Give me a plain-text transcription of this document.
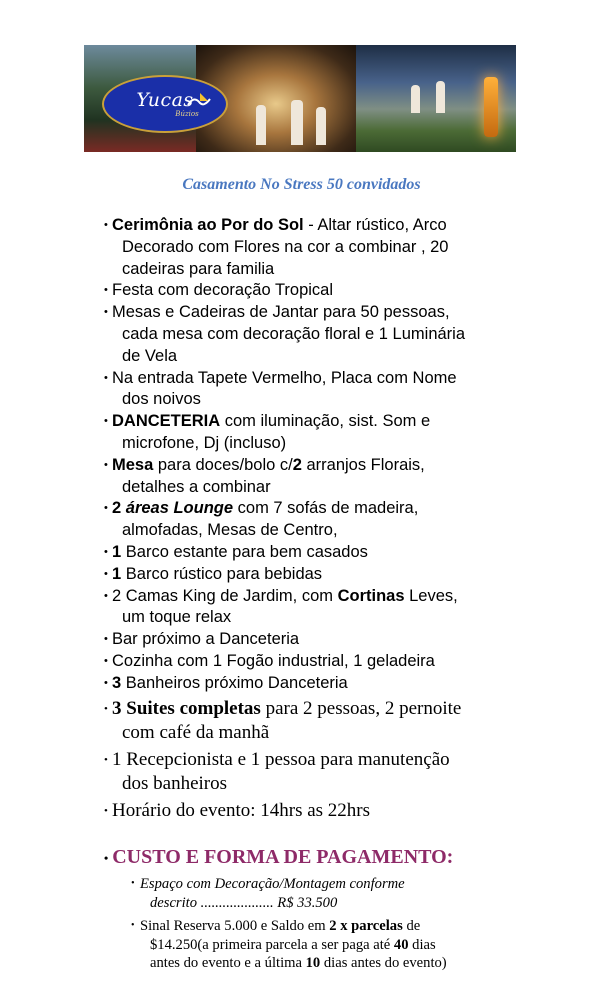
Yucas
Búzios
Casamento No Stress 50 convidados
• Cerimônia ao Por do Sol - Altar rústico, Arco
Decorado com Flores na cor a combinar , 20
cadeiras para familia
• Festa com decoração Tropical
• Mesas e Cadeiras de Jantar para 50 pessoas,
cada mesa com decoração floral e 1 Luminária
de Vela
• Na entrada Tapete Vermelho, Placa com Nome
dos noivos
• DANCETERIA com iluminação, sist. Som e
microfone, Dj (incluso)
• Mesa para doces/bolo c/2 arranjos Florais,
detalhes a combinar
• 2 áreas Lounge com 7 sofás de madeira,
almofadas, Mesas de Centro,
• 1 Barco estante para bem casados
• 1 Barco rústico para bebidas
• 2 Camas King de Jardim, com Cortinas Leves,
um toque relax
• Bar próximo a Danceteria
• Cozinha com 1 Fogão industrial, 1 geladeira
• 3 Banheiros próximo Danceteria
• 3 Suites completas para 2 pessoas, 2 pernoite
com café da manhã
• 1 Recepcionista e 1 pessoa para manutenção
dos banheiros
• Horário do evento: 14hrs as 22hrs
• CUSTO E FORMA DE PAGAMENTO:
• Espaço com Decoração/Montagem conforme
descrito .................... R$ 33.500
• Sinal Reserva 5.000 e Saldo em 2 x parcelas de
$14.250(a primeira parcela a ser paga até 40 dias
antes do evento e a última 10 dias antes do evento)
